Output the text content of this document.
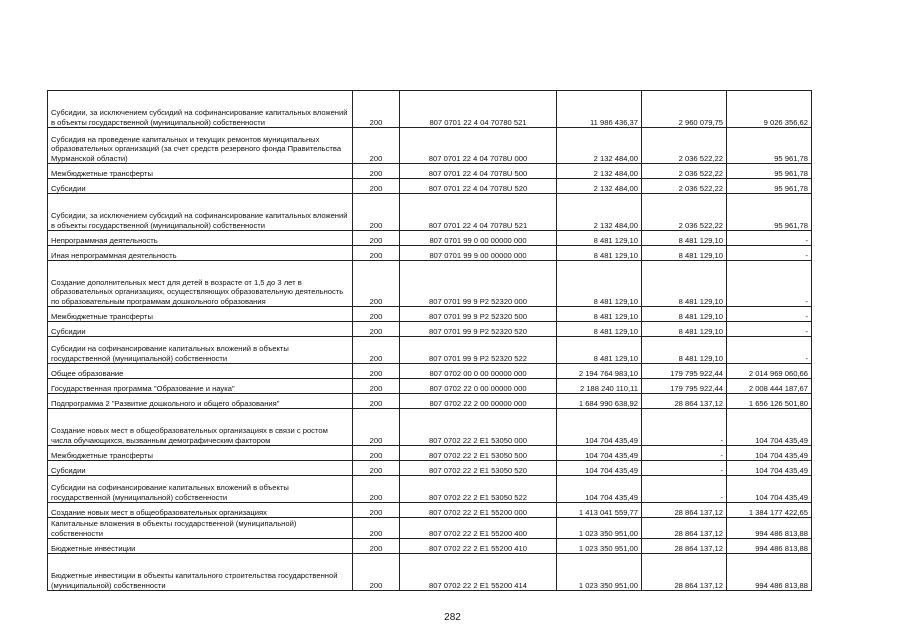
Субсидии, за исключением субсидий на софинансирование капитальных вложений в объекты государственной (муниципальной) собственности	200	807 0701 22 4 04 70780 521	11 986 436,37	2 960 079,75	9 026 356,62
Субсидия на проведение капитальных и текущих ремонтов муниципальных образовательных организаций (за счет средств резервного фонда Правительства Мурманской области)	200	807 0701 22 4 04 7078U 000	2 132 484,00	2 036 522,22	95 961,78
Межбюджетные трансферты	200	807 0701 22 4 04 7078U 500	2 132 484,00	2 036 522,22	95 961,78
Субсидии	200	807 0701 22 4 04 7078U 520	2 132 484,00	2 036 522,22	95 961,78
Субсидии, за исключением субсидий на софинансирование капитальных вложений в объекты государственной (муниципальной) собственности	200	807 0701 22 4 04 7078U 521	2 132 484,00	2 036 522,22	95 961,78
Непрограммная деятельность	200	807 0701 99 0 00 00000 000	8 481 129,10	8 481 129,10	-
Иная непрограммная деятельность	200	807 0701 99 9 00 00000 000	8 481 129,10	8 481 129,10	-
Создание дополнительных мест для детей в возрасте от 1,5 до 3 лет в образовательных организациях, осуществляющих образовательную деятельность по образовательным программам дошкольного образования	200	807 0701 99 9 P2 52320 000	8 481 129,10	8 481 129,10	-
Межбюджетные трансферты	200	807 0701 99 9 P2 52320 500	8 481 129,10	8 481 129,10	-
Субсидии	200	807 0701 99 9 P2 52320 520	8 481 129,10	8 481 129,10	-
Субсидии на софинансирование капитальных вложений в объекты государственной (муниципальной) собственности	200	807 0701 99 9 P2 52320 522	8 481 129,10	8 481 129,10	-
Общее образование	200	807 0702 00 0 00 00000 000	2 194 764 983,10	179 795 922,44	2 014 969 060,66
Государственная программа "Образование и наука"	200	807 0702 22 0 00 00000 000	2 188 240 110,11	179 795 922,44	2 008 444 187,67
Подпрограмма 2 "Развитие дошкольного и общего образования"	200	807 0702 22 2 00 00000 000	1 684 990 638,92	28 864 137,12	1 656 126 501,80
Создание новых мест в общеобразовательных организациях в связи с ростом числа обучающихся, вызванным демографическим фактором	200	807 0702 22 2 E1 53050 000	104 704 435,49	-	104 704 435,49
Межбюджетные трансферты	200	807 0702 22 2 E1 53050 500	104 704 435,49	-	104 704 435,49
Субсидии	200	807 0702 22 2 E1 53050 520	104 704 435,49	-	104 704 435,49
Субсидии на софинансирование капитальных вложений в объекты государственной (муниципальной) собственности	200	807 0702 22 2 E1 53050 522	104 704 435,49	-	104 704 435,49
Создание новых мест в общеобразовательных организациях	200	807 0702 22 2 E1 55200 000	1 413 041 559,77	28 864 137,12	1 384 177 422,65
Капитальные вложения в объекты государственной (муниципальной) собственности	200	807 0702 22 2 E1 55200 400	1 023 350 951,00	28 864 137,12	994 486 813,88
Бюджетные инвестиции	200	807 0702 22 2 E1 55200 410	1 023 350 951,00	28 864 137,12	994 486 813,88
Бюджетные инвестиции в объекты капитального строительства государственной (муниципальной) собственности	200	807 0702 22 2 E1 55200 414	1 023 350 951,00	28 864 137,12	994 486 813,88
282
